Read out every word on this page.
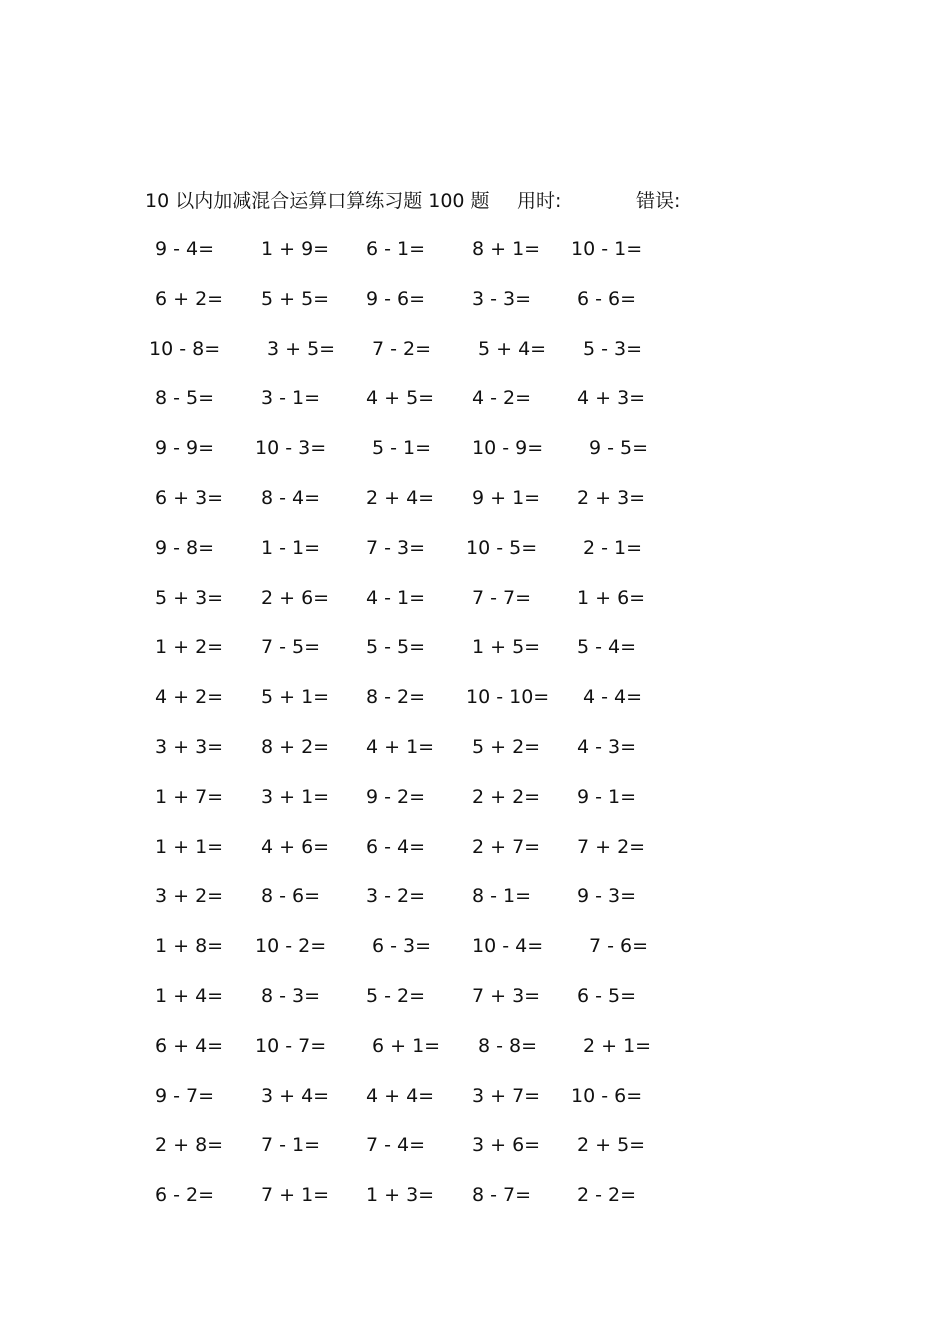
10 以内加减混合运算口算练习题 100 题 用时:	错误:
9 - 4= 1 + 9= 6 - 1= 8 + 1= 10 - 1=
6 + 2= 5 + 5= 9 - 6= 3 - 3= 6 - 6=
10 - 8= 3 + 5= 7 - 2= 5 + 4= 5 - 3=
8 - 5= 3 - 1= 4 + 5= 4 - 2= 4 + 3=
9 - 9= 10 - 3= 5 - 1= 10 - 9= 9 - 5=
6 + 3= 8 - 4= 2 + 4= 9 + 1= 2 + 3=
9 - 8= 1 - 1= 7 - 3= 10 - 5= 2 - 1=
5 + 3= 2 + 6= 4 - 1= 7 - 7= 1 + 6=
1 + 2= 7 - 5= 5 - 5= 1 + 5= 5 - 4=
4 + 2= 5 + 1= 8 - 2= 10 - 10= 4 - 4=
3 + 3= 8 + 2= 4 + 1= 5 + 2= 4 - 3=
1 + 7= 3 + 1= 9 - 2= 2 + 2= 9 - 1=
1 + 1= 4 + 6= 6 - 4= 2 + 7= 7 + 2=
3 + 2= 8 - 6= 3 - 2= 8 - 1= 9 - 3=
1 + 8= 10 - 2= 6 - 3= 10 - 4= 7 - 6=
1 + 4= 8 - 3= 5 - 2= 7 + 3= 6 - 5=
6 + 4= 10 - 7= 6 + 1= 8 - 8= 2 + 1=
9 - 7= 3 + 4= 4 + 4= 3 + 7= 10 - 6=
2 + 8= 7 - 1= 7 - 4= 3 + 6= 2 + 5=
6 - 2= 7 + 1= 1 + 3= 8 - 7= 2 - 2=
